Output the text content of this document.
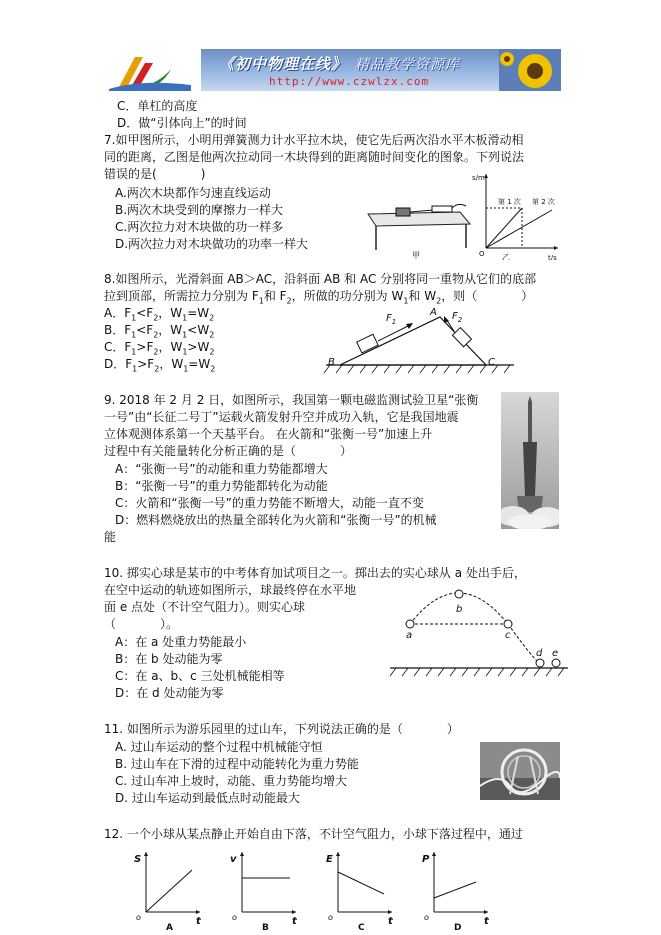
《初中物理在线》 精品教学资源库
http://www.czwlzx.com
C．单杠的高度
D．做“引体向上”的时间
7.如甲图所示，小明用弹簧测力计水平拉木块，使它先后两次沿水平木板滑动相
同的距离，乙图是他两次拉动同一木块得到的距离随时间变化的图象。下列说法
错误的是(	)
A.两次木块都作匀速直线运动
B.两次木块受到的摩擦力一样大
C.两次拉力对木块做的功一样多
D.两次拉力对木块做功的功率一样大
甲
s/m
t/s
O
第 1 次 第 2 次
乙
8.如图所示，光滑斜面 AB＞AC，沿斜面 AB 和 AC 分别将同一重物从它们的底部
拉到顶部，所需拉力分别为 $F_1$和 $F_2$，所做的功分别为 $W_1$和 $W_2$，则（	）
A．$F_1<F_2$，$W_1=W_2$
B．$F_1<F_2$，$W_1<W_2$
C．$F_1>F_2$，$W_1>W_2$
D．$F_1>F_2$，$W_1=W_2$
$F_1$	$F_2$
A
B	C
9. 2018 年 2 月 2 日，如图所示，我国第一颗电磁监测试验卫星“张衡
一号”由“长征二号丁”运载火箭发射升空并成功入轨，它是我国地震
立体观测体系第一个天基平台。 在火箭和“张衡一号”加速上升
过程中有关能量转化分析正确的是（	）
A：“张衡一号”的动能和重力势能都增大
B：“张衡一号”的重力势能都转化为动能
C：火箭和“张衡一号”的重力势能不断增大，动能一直不变
D：燃料燃烧放出的热量全部转化为火箭和“张衡一号”的机械
能
10. 掷实心球是某市的中考体育加试项目之一。掷出去的实心球从 a 处出手后，
在空中运动的轨迹如图所示，球最终停在水平地
面 e 点处（不计空气阻力）。则实心球
（	）。
A：在 a 处重力势能最小
B：在 b 处动能为零
C：在 a、b、c 三处机械能相等
D：在 d 处动能为零
a
b
c
d e
11. 如图所示为游乐园里的过山车，下列说法正确的是（	）
A. 过山车运动的整个过程中机械能守恒
B. 过山车在下滑的过程中动能转化为重力势能
C. 过山车冲上坡时，动能、重力势能均增大
D. 过山车运动到最低点时动能最大
12. 一个小球从某点静止开始自由下落，不计空气阻力，小球下落过程中，通过
S
t
o
A
v
t
o
B
E
t
o
C
P
t
o
D
